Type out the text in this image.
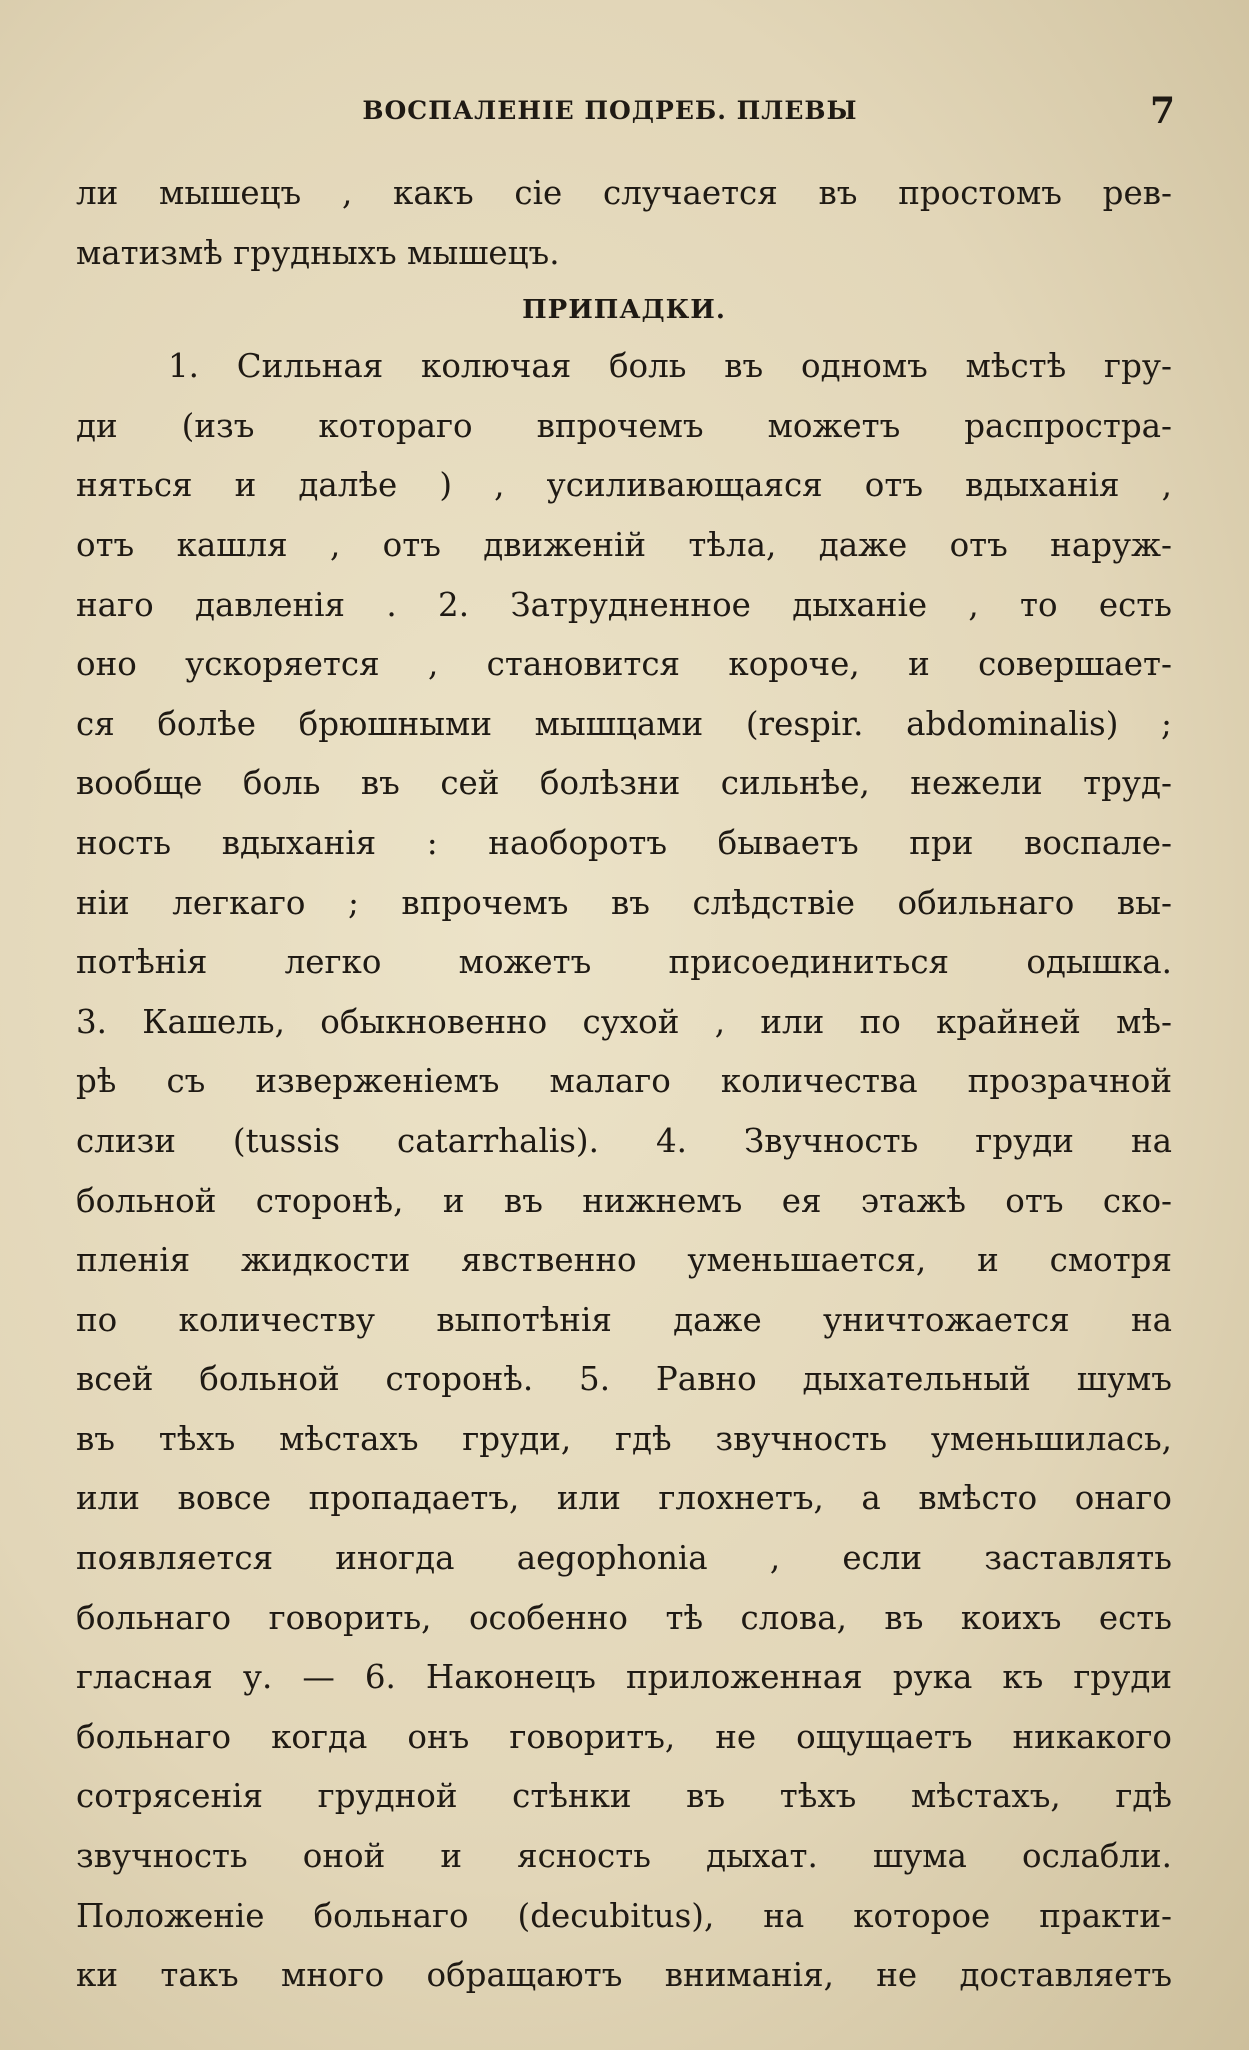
ВОСПАЛЕНІЕ ПОДРЕБ. ПЛЕВЫ	7
ли мышецъ , какъ сіе случается въ простомъ рев-
матизмѣ грудныхъ мышецъ.
ПРИПАДКИ.
1. Сильная колючая боль въ одномъ мѣстѣ гру-
ди (изъ котораго впрочемъ можетъ распростра-
няться и далѣе ) , усиливающаяся отъ вдыханія ,
отъ кашля , отъ движеній тѣла, даже отъ наруж-
наго давленія . 2. Затрудненное дыханіе , то есть
оно ускоряется , становится короче, и совершает-
ся болѣе брюшными мышцами (respir. abdominalis) ;
вообще боль въ сей болѣзни сильнѣе, нежели труд-
ность вдыханія : наоборотъ бываетъ при воспале-
ніи легкаго ; впрочемъ въ слѣдствіе обильнаго вы-
потѣнія легко можетъ присоединиться одышка.
3. Кашель, обыкновенно сухой , или по крайней мѣ-
рѣ съ изверженіемъ малаго количества прозрачной
слизи (tussis catarrhalis). 4. Звучность груди на
больной сторонѣ, и въ нижнемъ ея этажѣ отъ ско-
пленія жидкости явственно уменьшается, и смотря
по количеству выпотѣнія даже уничтожается на
всей больной сторонѣ. 5. Равно дыхательный шумъ
въ тѣхъ мѣстахъ груди, гдѣ звучность уменьшилась,
или вовсе пропадаетъ, или глохнетъ, а вмѣсто онаго
появляется иногда aegophonia , если заставлять
больнаго говорить, особенно тѣ слова, въ коихъ есть
гласная у. — 6. Наконецъ приложенная рука къ груди
больнаго когда онъ говоритъ, не ощущаетъ никакого
сотрясенія грудной стѣнки въ тѣхъ мѣстахъ, гдѣ
звучность оной и ясность дыхат. шума ослабли.
Положеніе больнаго (decubitus), на которое практи-
ки такъ много обращаютъ вниманія, не доставляетъ
